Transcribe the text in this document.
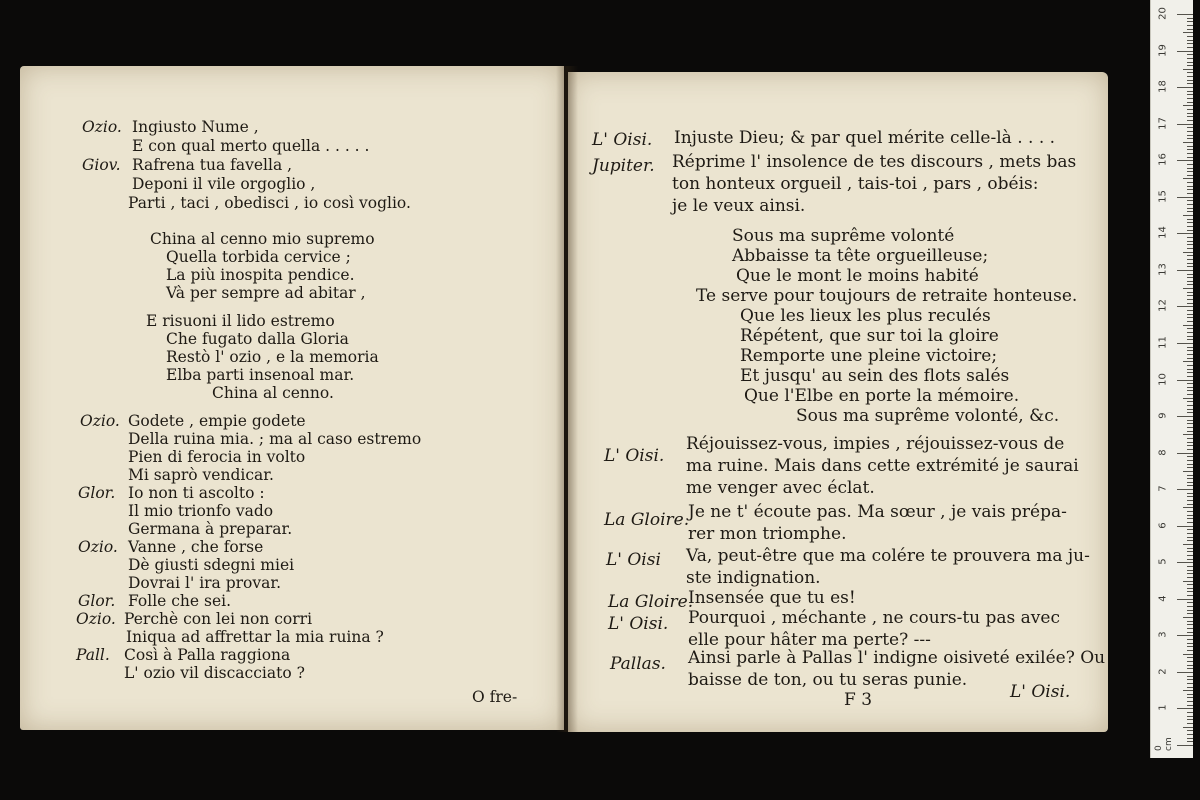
Ozio. Ingiusto Nume ,
E con qual merto quella . . . . .
Giov. Rafrena tua favella ,
Deponi il vile orgoglio ,
Parti , taci , obedisci , io così voglio.
China al cenno mio supremo
Quella torbida cervice ;
La più inospita pendice.
Và per sempre ad abitar ,
E risuoni il lido estremo
Che fugato dalla Gloria
Restò l' ozio , e la memoria
Elba parti insenoal mar.
China al cenno.
Ozio. Godete , empie godete
Della ruina mia. ; ma al caso estremo
Pien di ferocia in volto
Mi saprò vendicar.
Glor. Io non ti ascolto :
Il mio trionfo vado
Germana à preparar.
Ozio. Vanne , che forse
Dè giusti sdegni miei
Dovrai l' ira provar.
Glor. Folle che sei.
Ozio. Perchè con lei non corri
Iniqua ad affrettar la mia ruina ?
Pall. Così à Palla raggiona
L' ozio vil discacciato ?
O fre-
L' Oisi. Injuste Dieu; & par quel mérite celle-là . . . .
Jupiter. Réprime l' insolence de tes discours , mets bas
ton honteux orgueil , tais-toi , pars , obéis:
je le veux ainsi.
Sous ma suprême volonté
Abbaisse ta tête orgueilleuse;
Que le mont le moins habité
Te serve pour toujours de retraite honteuse.
Que les lieux les plus reculés
Répétent, que sur toi la gloire
Remporte une pleine victoire;
Et jusqu' au sein des flots salés
Que l'Elbe en porte la mémoire.
Sous ma suprême volonté, &c.
L' Oisi.
Réjouissez-vous, impies , réjouissez-vous de
ma ruine. Mais dans cette extrémité je saurai
me venger avec éclat.
La Gloire.
Je ne t' écoute pas. Ma sœur , je vais prépa-
rer mon triomphe.
L' Oisi Va, peut-être que ma colére te prouvera ma ju-
ste indignation.
La Gloire.
Insensée que tu es!
L' Oisi. Pourquoi , méchante , ne cours-tu pas avec
elle pour hâter ma perte? ---
Pallas. Ainsi parle à Pallas l' indigne oisiveté exilée? Ou
baisse de ton, ou tu seras punie.
F 3	L' Oisi.
0 cm
1
2
3
4
5
6
7
8
9
10
11
12
13
14
15
16
17
18
19
20
